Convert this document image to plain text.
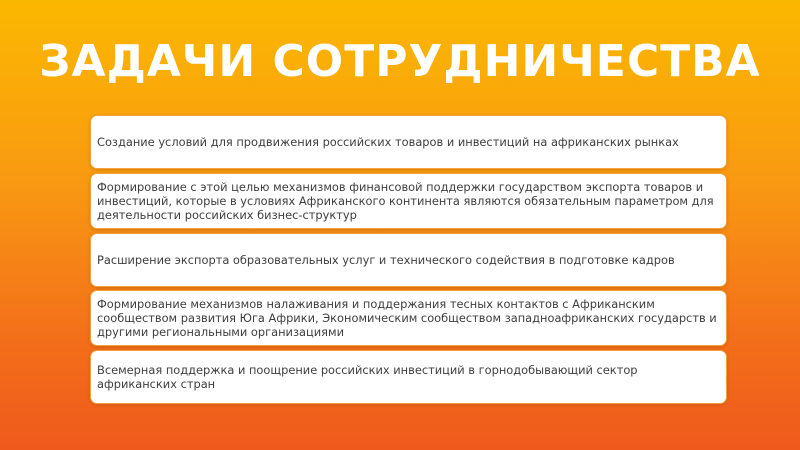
ЗАДАЧИ СОТРУДНИЧЕСТВА
Создание условий для продвижения российских товаров и инвестиций на африканских рынках
Формирование с этой целью механизмов финансовой поддержки государством экспорта товаров и инвестиций, которые в условиях Африканского континента являются обязательным параметром для деятельности российских бизнес-структур
Расширение экспорта образовательных услуг и технического содействия в подготовке кадров
Формирование механизмов налаживания и поддержания тесных контактов с Африканским сообществом развития Юга Африки, Экономическим сообществом западноафриканских государств и другими региональными организациями
Всемерная поддержка и поощрение российских инвестиций в горнодобывающий сектор африканских стран
